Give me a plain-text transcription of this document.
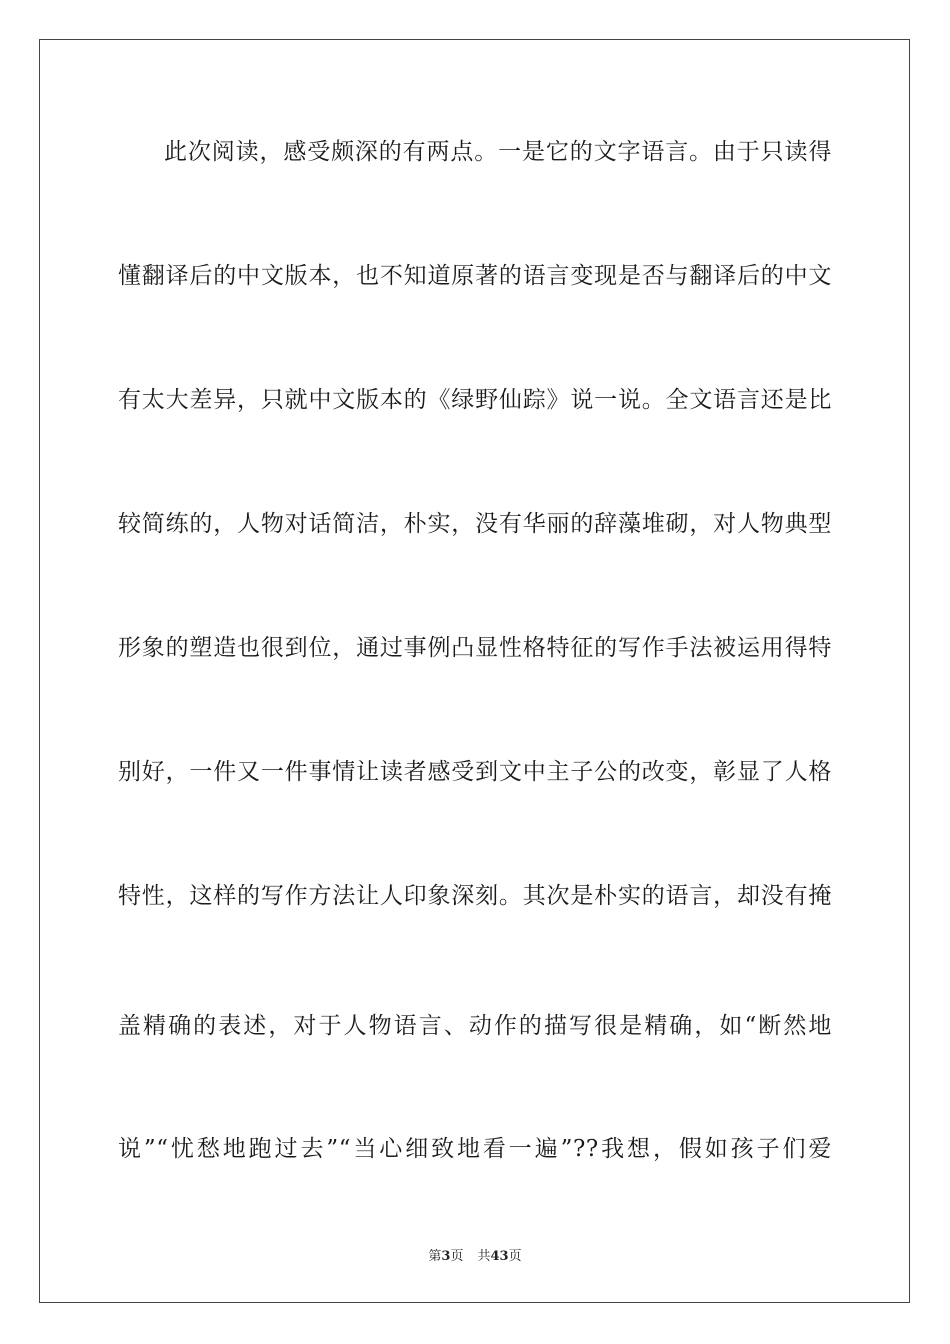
此次阅读，感受颇深的有两点。一是它的文字语言。由于只读得
懂翻译后的中文版本，也不知道原著的语言变现是否与翻译后的中文
有太大差异，只就中文版本的《绿野仙踪》说一说。全文语言还是比
较简练的，人物对话简洁，朴实，没有华丽的辞藻堆砌，对人物典型
形象的塑造也很到位，通过事例凸显性格特征的写作手法被运用得特
别好，一件又一件事情让读者感受到文中主子公的改变，彰显了人格
特性，这样的写作方法让人印象深刻。其次是朴实的语言，却没有掩
盖精确的表述，对于人物语言、动作的描写很是精确，如“断然地
说”“忧愁地跑过去”“当心细致地看一遍”??我想，假如孩子们爱
第3页 共43页
